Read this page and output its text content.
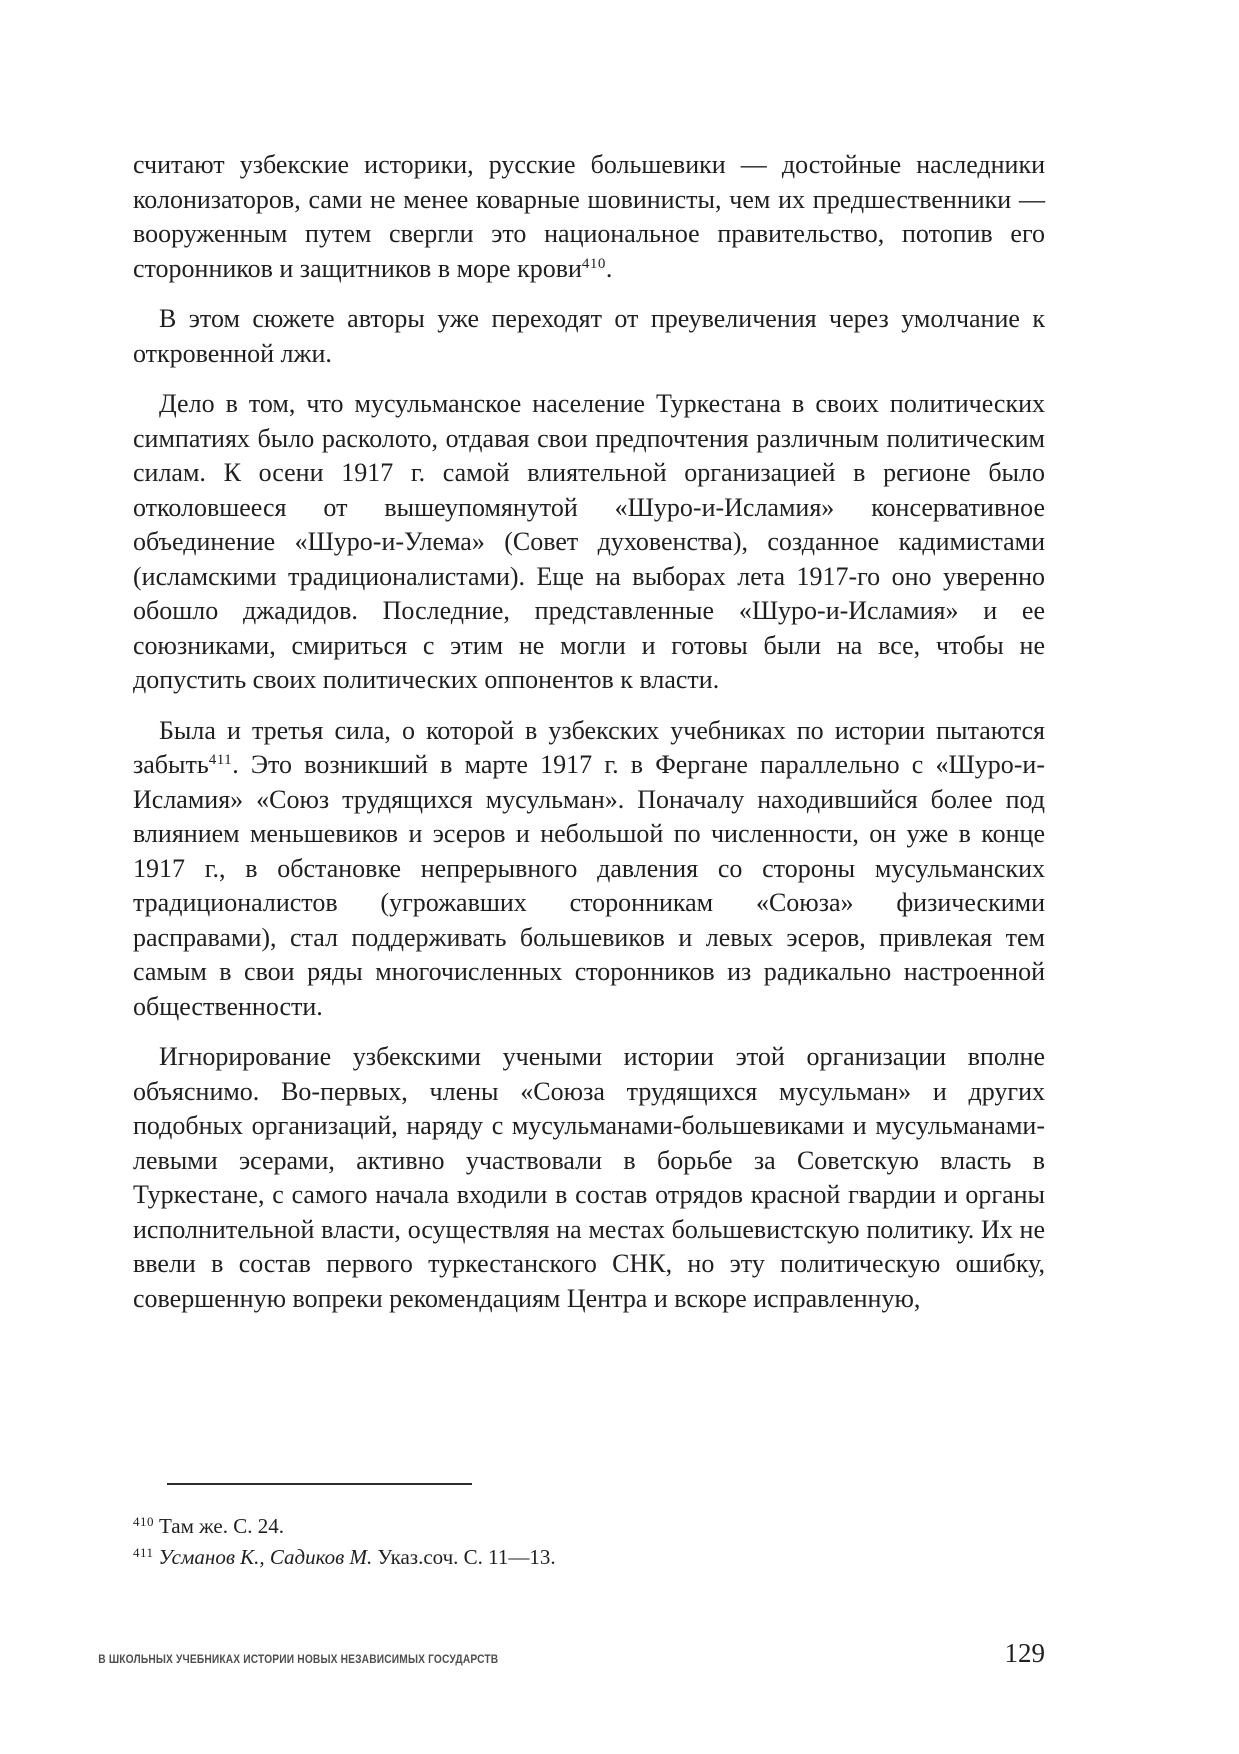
считают узбекские историки, русские большевики — достойные наследники колонизаторов, сами не менее коварные шовинисты, чем их предшественники — вооруженным путем свергли это национальное правительство, потопив его сторонников и защитников в море крови$^{410}$.

В этом сюжете авторы уже переходят от преувеличения через умолчание к откровенной лжи.

Дело в том, что мусульманское население Туркестана в своих политических симпатиях было расколото, отдавая свои предпочтения различным политическим силам. К осени 1917 г. самой влиятельной организацией в регионе было отколовшееся от вышеупомянутой «Шуро-и-Исламия» консервативное объединение «Шуро-и-Улема» (Совет духовенства), созданное кадимистами (исламскими традиционалистами). Еще на выборах лета 1917-го оно уверенно обошло джадидов. Последние, представленные «Шуро-и-Исламия» и ее союзниками, смириться с этим не могли и готовы были на все, чтобы не допустить своих политических оппонентов к власти.

Была и третья сила, о которой в узбекских учебниках по истории пытаются забыть$^{411}$. Это возникший в марте 1917 г. в Фергане параллельно с «Шуро-и-Исламия» «Союз трудящихся мусульман». Поначалу находившийся более под влиянием меньшевиков и эсеров и небольшой по численности, он уже в конце 1917 г., в обстановке непрерывного давления со стороны мусульманских традиционалистов (угрожавших сторонникам «Союза» физическими расправами), стал поддерживать большевиков и левых эсеров, привлекая тем самым в свои ряды многочисленных сторонников из радикально настроенной общественности.

Игнорирование узбекскими учеными истории этой организации вполне объяснимо. Во-первых, члены «Союза трудящихся мусульман» и других подобных организаций, наряду с мусульманами-большевиками и мусульманами-левыми эсерами, активно участвовали в борьбе за Советскую власть в Туркестане, с самого начала входили в состав отрядов красной гвардии и органы исполнительной власти, осуществляя на местах большевистскую политику. Их не ввели в состав первого туркестанского СНК, но эту политическую ошибку, совершенную вопреки рекомендациям Центра и вскоре исправленную,

$^{410}$ Там же. С. 24.
$^{411}$ Усманов К., Садиков М. Указ.соч. С. 11—13.
В ШКОЛЬНЫХ УЧЕБНИКАХ ИСТОРИИ НОВЫХ НЕЗАВИСИМЫХ ГОСУДАРСТВ	129
